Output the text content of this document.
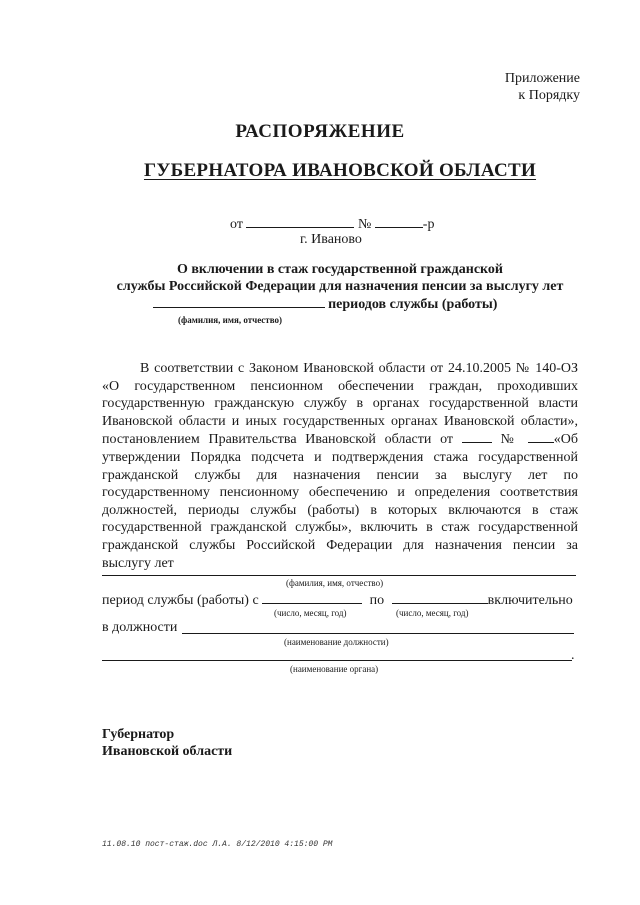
Приложение
к Порядку
РАСПОРЯЖЕНИЕ
ГУБЕРНАТОРА ИВАНОВСКОЙ ОБЛАСТИ
от	№	-р
г. Иваново
О включении в стаж государственной гражданской
службы Российской Федерации для назначения пенсии за выслугу лет
периодов службы (работы)
(фамилия, имя, отчество)
В соответствии с Законом Ивановской области от 24.10.2005 № 140-ОЗ «О государственном пенсионном обеспечении граждан, проходивших государственную гражданскую службу в органах государственной власти Ивановской области и иных государственных органах Ивановской области», постановлением Правительства Ивановской области от  № «Об утверждении Порядка подсчета и подтверждения стажа государственной гражданской службы для назначения пенсии за выслугу лет по государственному пенсионному обеспечению и определения соответствия должностей, периоды службы (работы) в которых включаются в стаж государственной гражданской службы», включить в стаж государственной гражданской службы Российской Федерации для назначения пенсии за выслугу лет
(фамилия, имя, отчество)
период службы (работы) с	по	включительно
(число, месяц, год)	(число, месяц, год)
в должности
(наименование должности)
.
(наименование органа)
Губернатор
Ивановской области
11.08.10 пост-стаж.doc Л.А. 8/12/2010 4:15:00 PM
